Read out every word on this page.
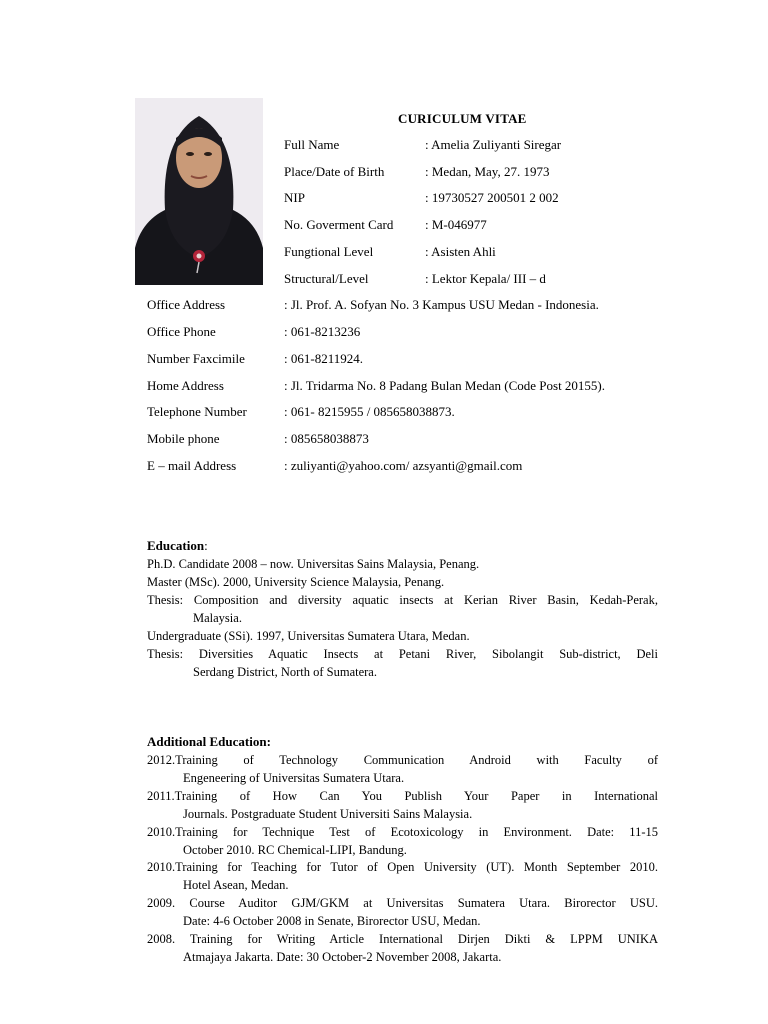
CURICULUM VITAE
Full Name	: Amelia Zuliyanti Siregar
Place/Date of Birth	: Medan, May, 27. 1973
NIP	: 19730527 200501 2 002
No. Goverment Card : M-046977
Fungtional Level	: Asisten Ahli
Structural/Level	: Lektor Kepala/ III – d
Office Address	: Jl. Prof. A. Sofyan No. 3 Kampus USU Medan - Indonesia.
Office Phone	: 061-8213236
Number Faxcimile	: 061-8211924.
Home Address	: Jl. Tridarma No. 8 Padang Bulan Medan (Code Post 20155).
Telephone Number	: 061- 8215955 / 085658038873.
Mobile phone	: 085658038873
E – mail Address	: zuliyanti@yahoo.com/ azsyanti@gmail.com
Education:
Ph.D. Candidate 2008 – now. Universitas Sains Malaysia, Penang.
Master (MSc). 2000, University Science Malaysia, Penang.
Thesis: Composition and diversity aquatic insects at Kerian River Basin, Kedah-Perak,
Malaysia.
Undergraduate (SSi). 1997, Universitas Sumatera Utara, Medan.
Thesis: Diversities Aquatic Insects at Petani River, Sibolangit Sub-district, Deli
Serdang District, North of Sumatera.
Additional Education:
2012.Training of Technology Communication Android with Faculty of
Engeneering of Universitas Sumatera Utara.
2011.Training of How Can You Publish Your Paper in International
Journals. Postgraduate Student Universiti Sains Malaysia.
2010.Training for Technique Test of Ecotoxicology in Environment. Date: 11-15
October 2010. RC Chemical-LIPI, Bandung.
2010.Training for Teaching for Tutor of Open University (UT). Month September 2010.
Hotel Asean, Medan.
2009. Course Auditor GJM/GKM at Universitas Sumatera Utara. Birorector USU.
Date: 4-6 October 2008 in Senate, Birorector USU, Medan.
2008. Training for Writing Article International Dirjen Dikti & LPPM UNIKA
Atmajaya Jakarta. Date: 30 October-2 November 2008, Jakarta.
